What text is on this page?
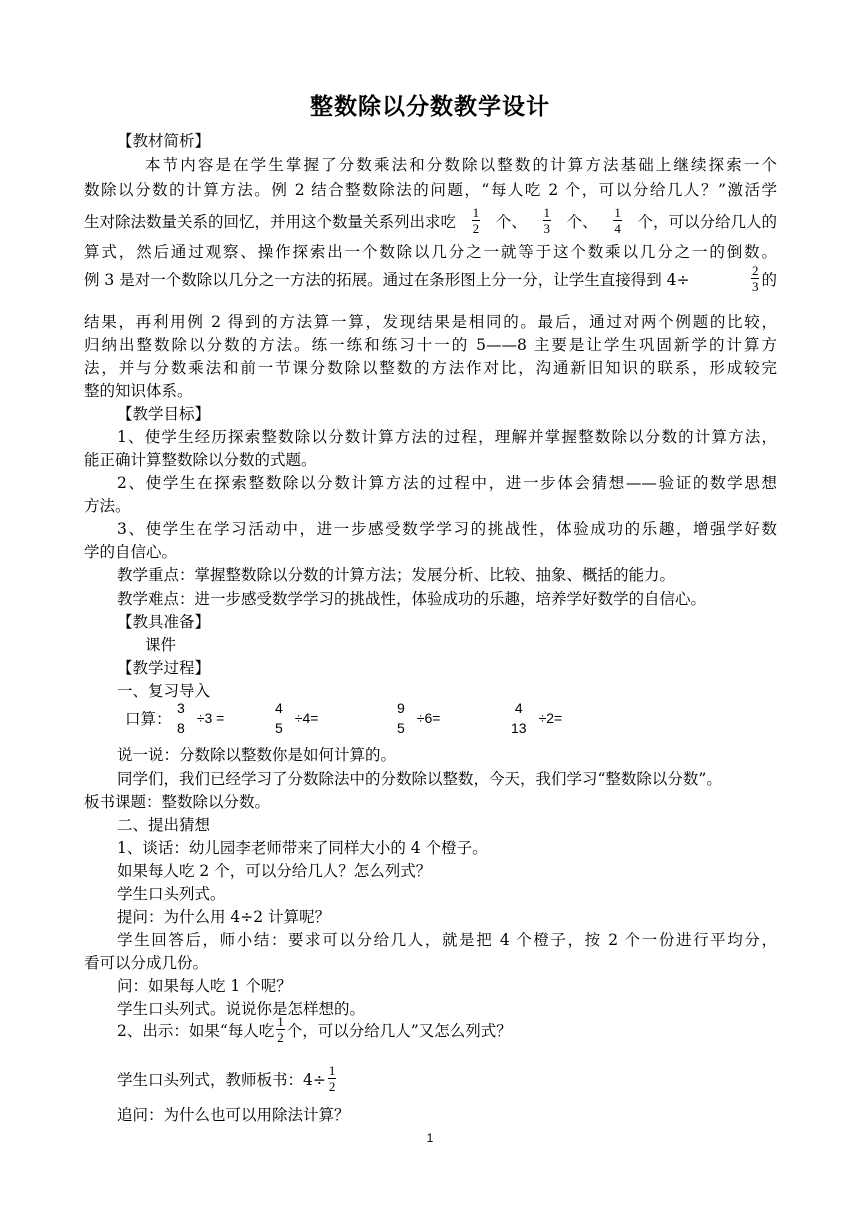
整数除以分数教学设计
【教材简析】
本节内容是在学生掌握了分数乘法和分数除以整数的计算方法基础上继续探索一个
数除以分数的计算方法。例 2 结合整数除法的问题，“每人吃 2 个，可以分给几人？”激活学
生对除法数量关系的回忆，并用这个数量关系列出求吃 $\frac{1}{2}$ 个、 $\frac{1}{3}$ 个、 $\frac{1}{4}$ 个，可以分给几人的
算式，然后通过观察、操作探索出一个数除以几分之一就等于这个数乘以几分之一的倒数。
例 3 是对一个数除以几分之一方法的拓展。通过在条形图上分一分，让学生直接得到 4÷	$\frac{2}{3}$ 的
结果，再利用例 2 得到的方法算一算，发现结果是相同的。最后，通过对两个例题的比较，
归纳出整数除以分数的方法。练一练和练习十一的 5——8 主要是让学生巩固新学的计算方
法，并与分数乘法和前一节课分数除以整数的方法作对比，沟通新旧知识的联系，形成较完
整的知识体系。
【教学目标】
1、使学生经历探索整数除以分数计算方法的过程，理解并掌握整数除以分数的计算方法，
能正确计算整数除以分数的式题。
2、使学生在探索整数除以分数计算方法的过程中，进一步体会猜想——验证的数学思想
方法。
3、使学生在学习活动中，进一步感受数学学习的挑战性，体验成功的乐趣，增强学好数
学的自信心。
教学重点：掌握整数除以分数的计算方法；发展分析、比较、抽象、概括的能力。
教学难点：进一步感受数学学习的挑战性，体验成功的乐趣，培养学好数学的自信心。
【教具准备】
课件
【教学过程】
一、复习导入
口算：
3
8
÷3 =
4
5
÷4=
9
5
÷6=
4
13
÷2=
说一说：分数除以整数你是如何计算的。
同学们，我们已经学习了分数除法中的分数除以整数，今天，我们学习“整数除以分数”。
板书课题：整数除以分数。
二、提出猜想
1、谈话：幼儿园李老师带来了同样大小的 4 个橙子。
如果每人吃 2 个，可以分给几人？怎么列式？
学生口头列式。
提问：为什么用 4÷2 计算呢？
学生回答后，师小结：要求可以分给几人，就是把 4 个橙子，按 2 个一份进行平均分，
看可以分成几份。
问：如果每人吃 1 个呢？
学生口头列式。说说你是怎样想的。
2、出示：如果“每人吃 $\frac{1}{2}$ 个，可以分给几人”又怎么列式？
学生口头列式，教师板书：$4\div \frac{1}{2}$
追问：为什么也可以用除法计算？
1
